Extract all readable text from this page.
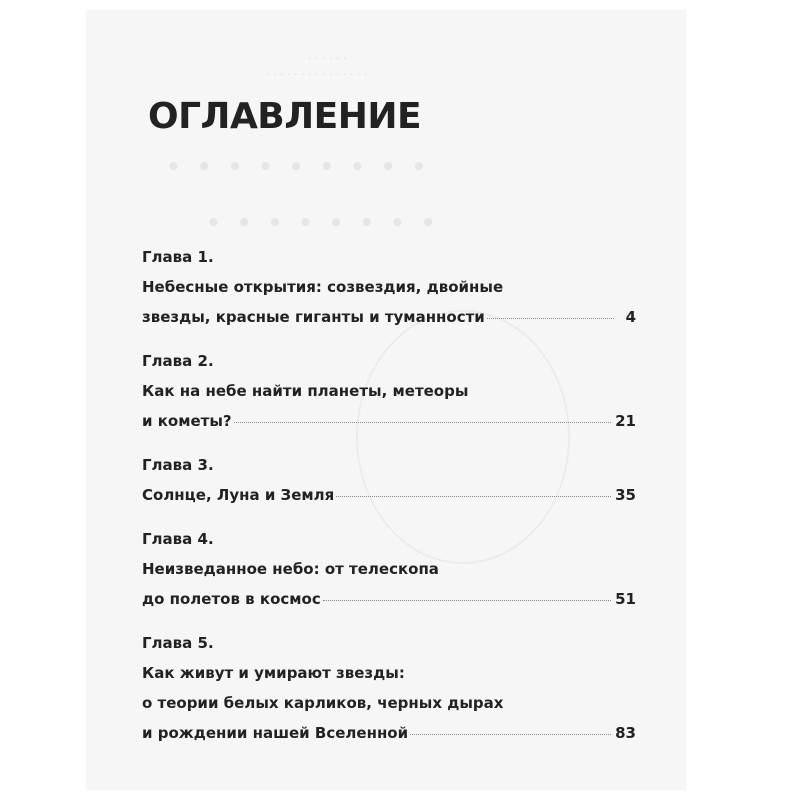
· · · · · ·
· · · · · · · · · · · · · · ·
· · · · · · · · ·
· · · · · · · ·
ОГЛАВЛЕНИЕ
Глава 1.
Небесные открытия: созвездия, двойные
звезды, красные гиганты и туманности	4
Глава 2.
Как на небе найти планеты, метеоры
и кометы?	21
Глава 3.
Солнце, Луна и Земля	35
Глава 4.
Неизведанное небо: от телескопа
до полетов в космос	51
Глава 5.
Как живут и умирают звезды:
о теории белых карликов, черных дырах
и рождении нашей Вселенной	83
